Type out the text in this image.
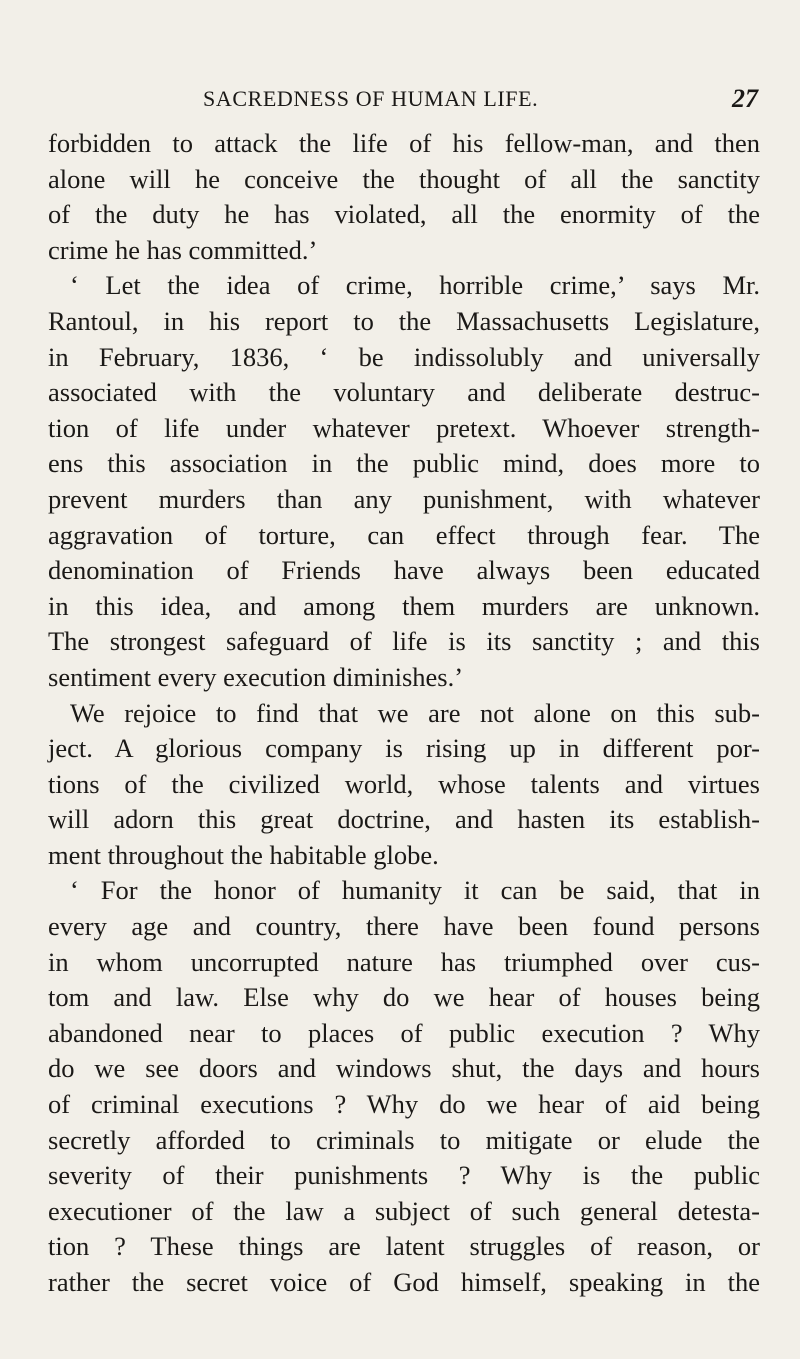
SACREDNESS OF HUMAN LIFE.	27
forbidden to attack the life of his fellow-man, and then
alone will he conceive the thought of all the sanctity
of the duty he has violated, all the enormity of the
crime he has committed.’
‘ Let the idea of crime, horrible crime,’ says Mr.
Rantoul, in his report to the Massachusetts Legislature,
in February, 1836, ‘ be indissolubly and universally
associated with the voluntary and deliberate destruc-
tion of life under whatever pretext. Whoever strength-
ens this association in the public mind, does more to
prevent murders than any punishment, with whatever
aggravation of torture, can effect through fear. The
denomination of Friends have always been educated
in this idea, and among them murders are unknown.
The strongest safeguard of life is its sanctity ; and this
sentiment every execution diminishes.’
We rejoice to find that we are not alone on this sub-
ject. A glorious company is rising up in different por-
tions of the civilized world, whose talents and virtues
will adorn this great doctrine, and hasten its establish-
ment throughout the habitable globe.
‘ For the honor of humanity it can be said, that in
every age and country, there have been found persons
in whom uncorrupted nature has triumphed over cus-
tom and law. Else why do we hear of houses being
abandoned near to places of public execution ? Why
do we see doors and windows shut, the days and hours
of criminal executions ? Why do we hear of aid being
secretly afforded to criminals to mitigate or elude the
severity of their punishments ? Why is the public
executioner of the law a subject of such general detesta-
tion ? These things are latent struggles of reason, or
rather the secret voice of God himself, speaking in the
